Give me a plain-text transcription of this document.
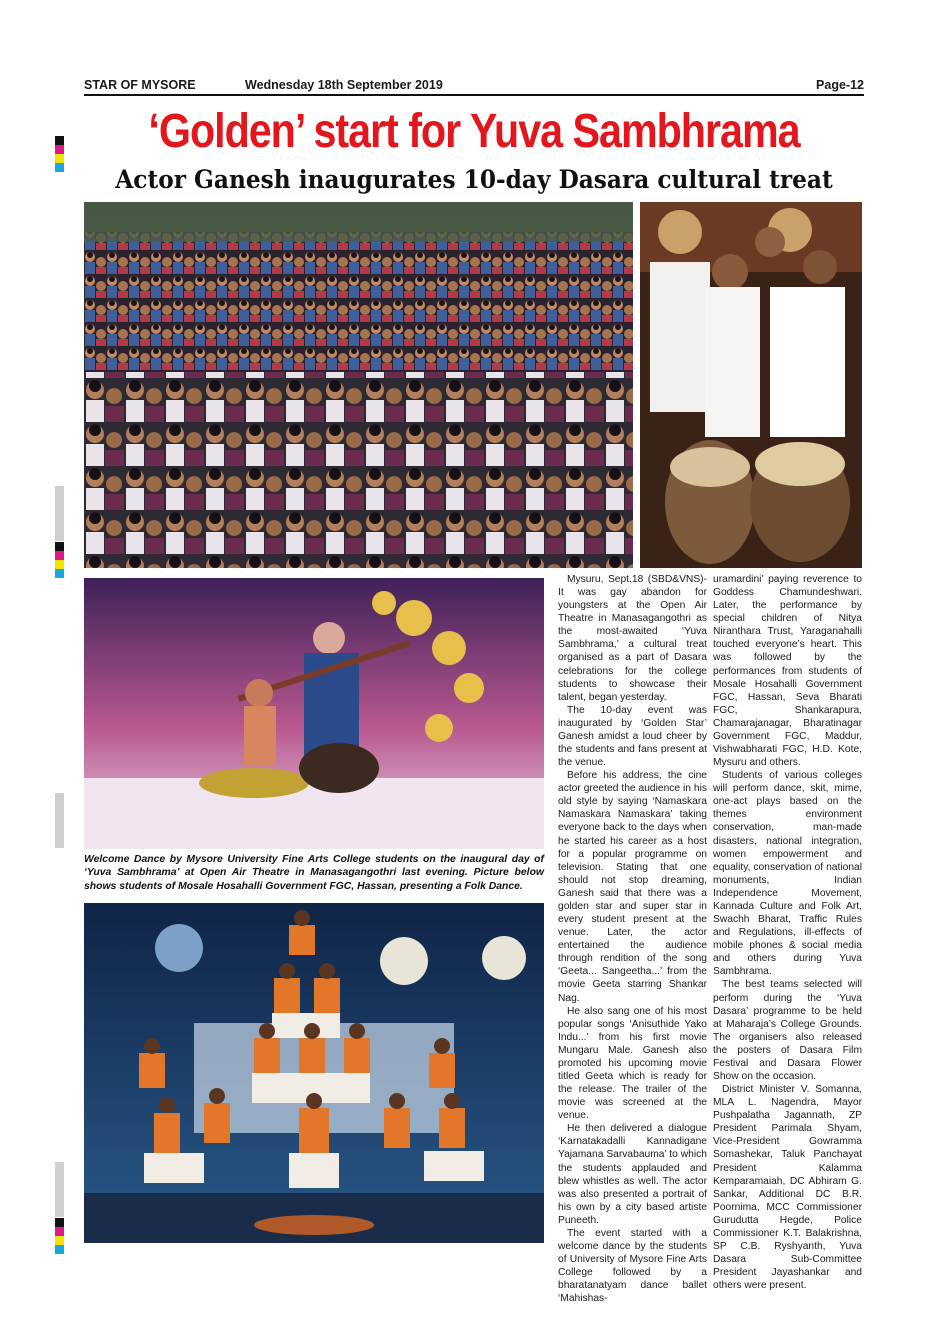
STAR OF MYSORE	Wednesday 18th September 2019	Page-12
‘Golden’ start for Yuva Sambhrama
Actor Ganesh inaugurates 10-day Dasara cultural treat
Welcome Dance by Mysore University Fine Arts College students on the inaugural day of ‘Yuva Sambhrama’ at Open Air Theatre in Manasagangothri last evening. Picture below shows students of Mosale Hosahalli Government FGC, Hassan, presenting a Folk Dance.

Mysuru, Sept.18 (SBD&VNS)- It was gay abandon for youngsters at the Open Air Theatre in Manasagangothri as the most-awaited ‘Yuva Sambhrama,’ a cultural treat organised as a part of Dasara celebrations for the college students to showcase their talent, began yesterday.

The 10-day event was inaugurated by ‘Golden Star’ Ganesh amidst a loud cheer by the students and fans present at the venue.

Before his address, the cine actor greeted the audience in his old style by saying ‘Namaskara Namaskara Namaskara’ taking everyone back to the days when he started his career as a host for a popular programme on television. Stating that one should not stop dreaming, Ganesh said that there was a golden star and super star in every student present at the venue. Later, the actor entertained the audience through rendition of the song ‘Geeta... Sangeetha...’ from the movie Geeta starring Shankar Nag.

He also sang one of his most popular songs ‘Anisuthide Yako Indu...’ from his first movie Mungaru Male. Ganesh also promoted his upcoming movie titled Geeta which is ready for the release. The trailer of the movie was screened at the venue.

He then delivered a dialogue ‘Karnatakadalli Kannadigane Yajamana Sarvabauma’ to which the students applauded and blew whistles as well. The actor was also presented a portrait of his own by a city based artiste Puneeth.

The event started with a welcome dance by the students of University of Mysore Fine Arts College followed by a bharatanatyam dance ballet ‘Mahishas-

uramardini’ paying reverence to Goddess Chamundeshwari. Later, the performance by special children of Nitya Niranthara Trust, Yaraganahalli touched everyone’s heart. This was followed by the performances from students of Mosale Hosahalli Government FGC, Hassan, Seva Bharati FGC, Shankarapura, Chamarajanagar, Bharatinagar Government FGC, Maddur, Vishwabharati FGC, H.D. Kote, Mysuru and others.

Students of various colleges will perform dance, skit, mime, one-act plays based on the themes environment conservation, man-made disasters, national integration, women empowerment and equality, conservation of national monuments, Indian Independence Movement, Kannada Culture and Folk Art, Swachh Bharat, Traffic Rules and Regulations, ill-effects of mobile phones & social media and others during Yuva Sambhrama.

The best teams selected will perform during the ‘Yuva Dasara’ programme to be held at Maharaja’s College Grounds. The organisers also released the posters of Dasara Film Festival and Dasara Flower Show on the occasion.

District Minister V. Somanna, MLA L. Nagendra, Mayor Pushpalatha Jagannath, ZP President Parimala Shyam, Vice-President Gowramma Somashekar, Taluk Panchayat President Kalamma Kemparamaiah, DC Abhiram G. Sankar, Additional DC B.R. Poornima, MCC Commissioner Gurudutta Hegde, Police Commissioner K.T. Balakrishna, SP C.B. Ryshyanth, Yuva Dasara Sub-Committee President Jayashankar and others were present.
